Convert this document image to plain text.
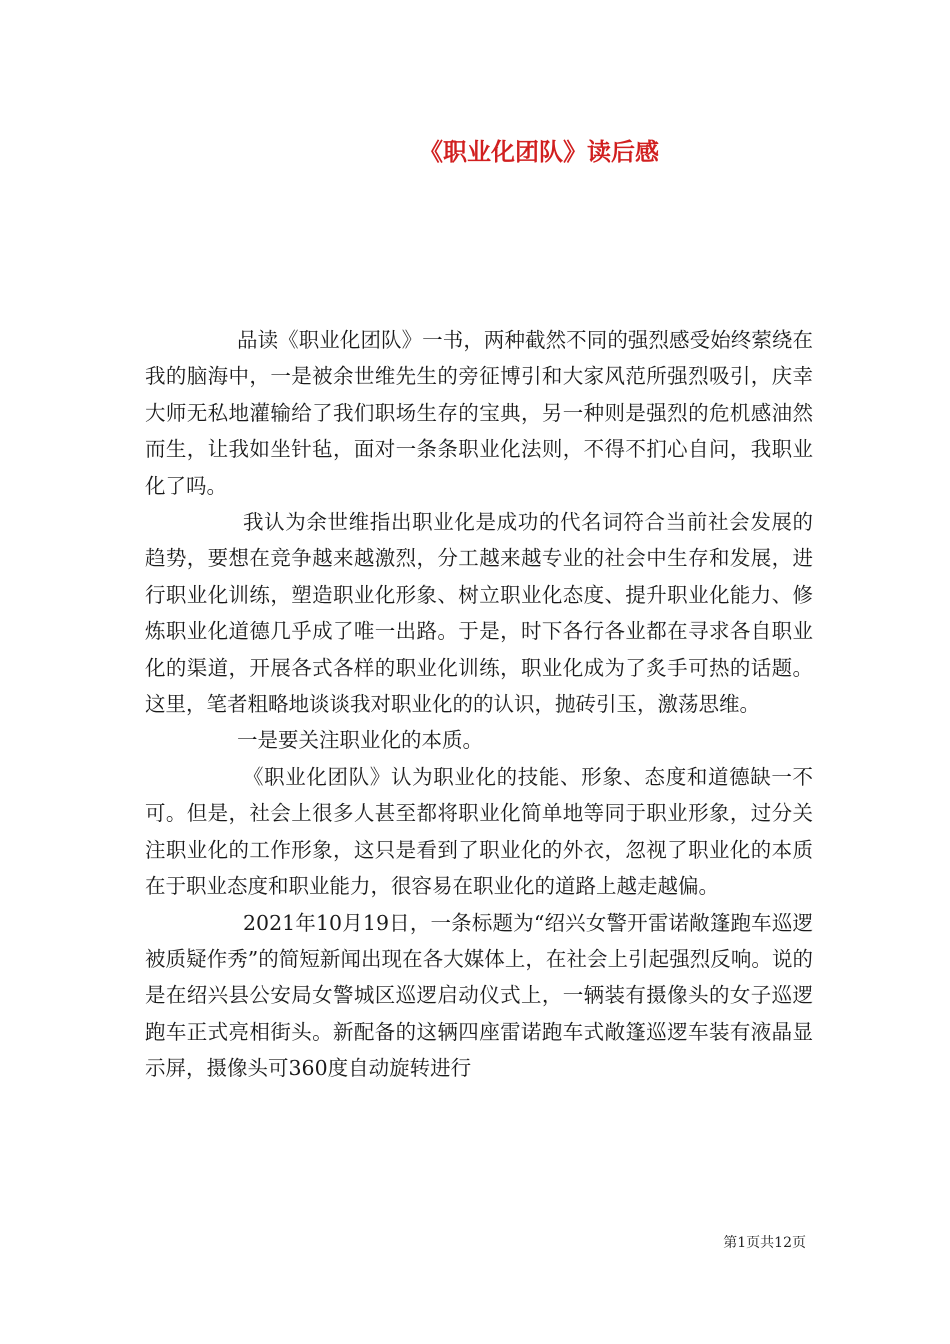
《职业化团队》读后感

品读《职业化团队》一书，两种截然不同的强烈感受始终萦绕在我的脑海中，一是被余世维先生的旁征博引和大家风范所强烈吸引，庆幸大师无私地灌输给了我们职场生存的宝典，另一种则是强烈的危机感油然而生，让我如坐针毡，面对一条条职业化法则，不得不扪心自问，我职业化了吗。

我认为余世维指出职业化是成功的代名词符合当前社会发展的趋势，要想在竞争越来越激烈，分工越来越专业的社会中生存和发展，进行职业化训练，塑造职业化形象、树立职业化态度、提升职业化能力、修炼职业化道德几乎成了唯一出路。于是，时下各行各业都在寻求各自职业化的渠道，开展各式各样的职业化训练，职业化成为了炙手可热的话题。这里，笔者粗略地谈谈我对职业化的的认识，抛砖引玉，激荡思维。

一是要关注职业化的本质。

《职业化团队》认为职业化的技能、形象、态度和道德缺一不可。但是，社会上很多人甚至都将职业化简单地等同于职业形象，过分关注职业化的工作形象，这只是看到了职业化的外衣，忽视了职业化的本质在于职业态度和职业能力，很容易在职业化的道路上越走越偏。

2021年10月19日，一条标题为“绍兴女警开雷诺敞篷跑车巡逻被质疑作秀”的简短新闻出现在各大媒体上，在社会上引起强烈反响。说的是在绍兴县公安局女警城区巡逻启动仪式上，一辆装有摄像头的女子巡逻跑车正式亮相街头。新配备的这辆四座雷诺跑车式敞篷巡逻车装有液晶显示屏，摄像头可360度自动旋转进行

第1页共12页
